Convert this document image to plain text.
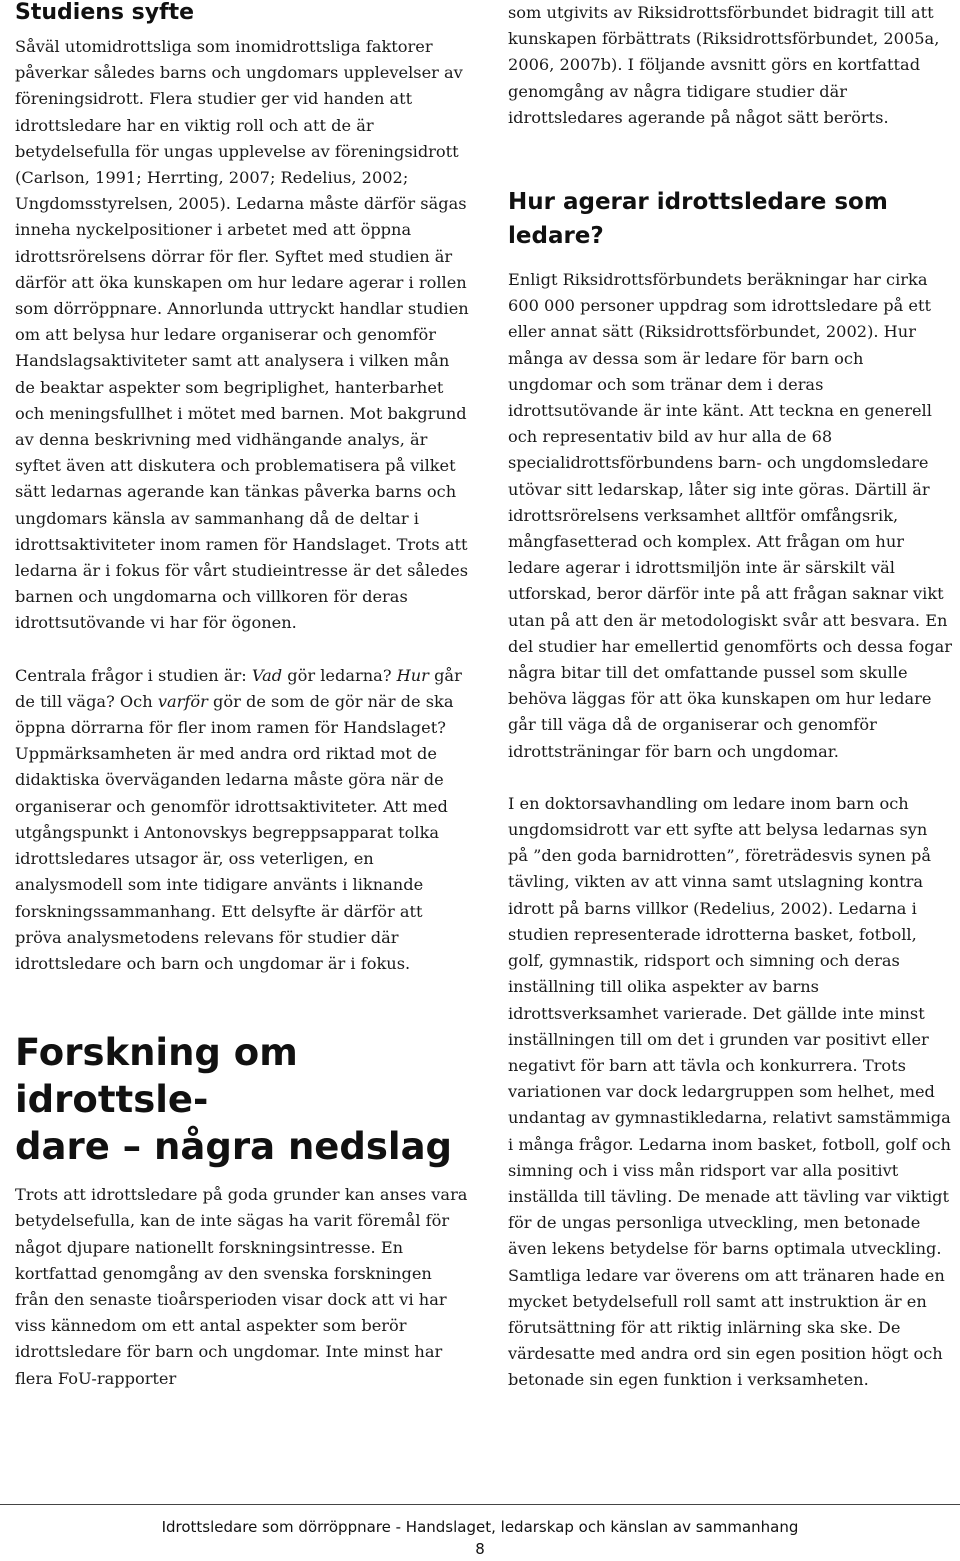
Studiens syfte

Såväl utomidrottsliga som inomidrottsliga faktorer påverkar således barns och ungdomars upplevelser av föreningsidrott. Flera studier ger vid handen att idrottsledare har en viktig roll och att de är betydelsefulla för ungas upplevelse av föreningsidrott (Carlson, 1991; Herrting, 2007; Redelius, 2002; Ungdomsstyrelsen, 2005). Ledarna måste därför sägas inneha nyckelpositioner i arbetet med att öppna idrottsrörelsens dörrar för fler. Syftet med studien är därför att öka kunskapen om hur ledare agerar i rollen som dörröppnare. Annorlunda uttryckt handlar studien om att belysa hur ledare organiserar och genomför Handslagsaktiviteter samt att analysera i vilken mån de beaktar aspekter som begriplighet, hanterbarhet och meningsfullhet i mötet med barnen. Mot bakgrund av denna beskrivning med vidhängande analys, är syftet även att diskutera och problematisera på vilket sätt ledarnas agerande kan tänkas påverka barns och ungdomars känsla av sammanhang då de deltar i idrottsaktiviteter inom ramen för Handslaget. Trots att ledarna är i fokus för vårt studieintresse är det således barnen och ungdomarna och villkoren för deras idrottsutövande vi har för ögonen.

Centrala frågor i studien är: Vad gör ledarna? Hur går de till väga? Och varför gör de som de gör när de ska öppna dörrarna för fler inom ramen för Handslaget? Uppmärksamheten är med andra ord riktad mot de didaktiska överväganden ledarna måste göra när de organiserar och genomför idrottsaktiviteter. Att med utgångspunkt i Antonovskys begreppsapparat tolka idrottsledares utsagor är, oss veterligen, en analysmodell som inte tidigare använts i liknande forskningssammanhang. Ett delsyfte är därför att pröva analysmetodens relevans för studier där idrottsledare och barn och ungdomar är i fokus.

Forskning om idrottsle-
dare – några nedslag

Trots att idrottsledare på goda grunder kan anses vara betydelsefulla, kan de inte sägas ha varit föremål för något djupare nationellt forskningsintresse. En kortfattad genomgång av den svenska forskningen från den senaste tioårsperioden visar dock att vi har viss kännedom om ett antal aspekter som berör idrottsledare för barn och ungdomar. Inte minst har flera FoU-rapporter

som utgivits av Riksidrottsförbundet bidragit till att kunskapen förbättrats (Riksidrottsförbundet, 2005a, 2006, 2007b). I följande avsnitt görs en kortfattad genomgång av några tidigare studier där idrottsledares agerande på något sätt berörts.

Hur agerar idrottsledare som
ledare?

Enligt Riksidrottsförbundets beräkningar har cirka 600 000 personer uppdrag som idrottsledare på ett eller annat sätt (Riksidrottsförbundet, 2002). Hur många av dessa som är ledare för barn och ungdomar och som tränar dem i deras idrottsutövande är inte känt. Att teckna en generell och representativ bild av hur alla de 68 specialidrottsförbundens barn- och ungdomsledare utövar sitt ledarskap, låter sig inte göras. Därtill är idrottsrörelsens verksamhet alltför omfångsrik, mångfasetterad och komplex. Att frågan om hur ledare agerar i idrottsmiljön inte är särskilt väl utforskad, beror därför inte på att frågan saknar vikt utan på att den är metodologiskt svår att besvara. En del studier har emellertid genomförts och dessa fogar några bitar till det omfattande pussel som skulle behöva läggas för att öka kunskapen om hur ledare går till väga då de organiserar och genomför idrottsträningar för barn och ungdomar.

I en doktorsavhandling om ledare inom barn och ungdomsidrott var ett syfte att belysa ledarnas syn på ”den goda barnidrotten”, företrädesvis synen på tävling, vikten av att vinna samt utslagning kontra idrott på barns villkor (Redelius, 2002). Ledarna i studien representerade idrotterna basket, fotboll, golf, gymnastik, ridsport och simning och deras inställning till olika aspekter av barns idrottsverksamhet varierade. Det gällde inte minst inställningen till om det i grunden var positivt eller negativt för barn att tävla och konkurrera. Trots variationen var dock ledargruppen som helhet, med undantag av gymnastikledarna, relativt samstämmiga i många frågor. Ledarna inom basket, fotboll, golf och simning och i viss mån ridsport var alla positivt inställda till tävling. De menade att tävling var viktigt för de ungas personliga utveckling, men betonade även lekens betydelse för barns optimala utveckling. Samtliga ledare var överens om att tränaren hade en mycket betydelsefull roll samt att instruktion är en förutsättning för att riktig inlärning ska ske. De värdesatte med andra ord sin egen position högt och betonade sin egen funktion i verksamheten.

Idrottsledare som dörröppnare - Handslaget, ledarskap och känslan av sammanhang
8
